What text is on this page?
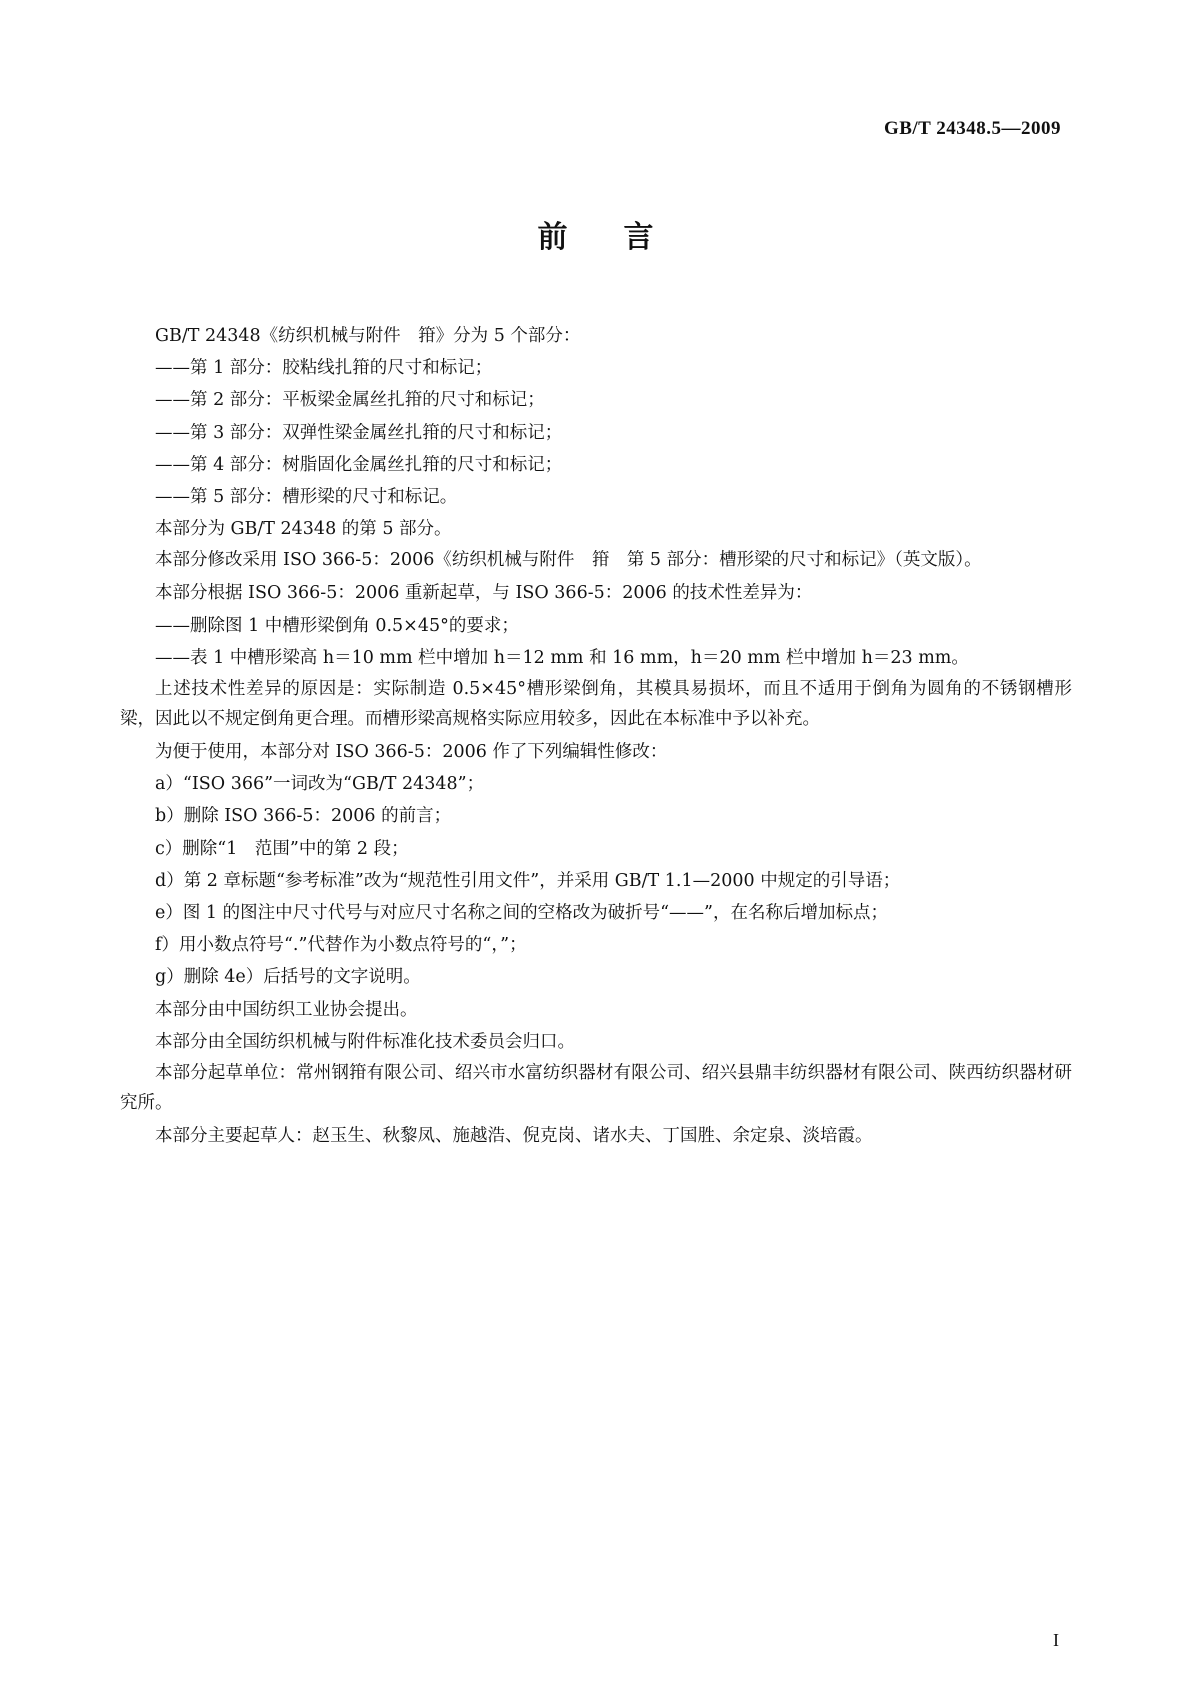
GB/T 24348.5—2009
前言

GB/T 24348《纺织机械与附件　箝》分为 5 个部分：

——第 1 部分：胶粘线扎箝的尺寸和标记；

——第 2 部分：平板梁金属丝扎箝的尺寸和标记；

——第 3 部分：双弹性梁金属丝扎箝的尺寸和标记；

——第 4 部分：树脂固化金属丝扎箝的尺寸和标记；

——第 5 部分：槽形梁的尺寸和标记。

本部分为 GB/T 24348 的第 5 部分。

本部分修改采用 ISO 366-5：2006《纺织机械与附件　箝　第 5 部分：槽形梁的尺寸和标记》（英文版）。

本部分根据 ISO 366-5：2006 重新起草，与 ISO 366-5：2006 的技术性差异为：

——删除图 1 中槽形梁倒角 0.5×45°的要求；

——表 1 中槽形梁高 h＝10 mm 栏中增加 h＝12 mm 和 16 mm，h＝20 mm 栏中增加 h＝23 mm。

上述技术性差异的原因是：实际制造 0.5×45°槽形梁倒角，其模具易损坏，而且不适用于倒角为圆角的不锈钢槽形梁，因此以不规定倒角更合理。而槽形梁高规格实际应用较多，因此在本标准中予以补充。

为便于使用，本部分对 ISO 366-5：2006 作了下列编辑性修改：

a）“ISO 366”一词改为“GB/T 24348”；

b）删除 ISO 366-5：2006 的前言；

c）删除“1　范围”中的第 2 段；

d）第 2 章标题“参考标准”改为“规范性引用文件”，并采用 GB/T 1.1—2000 中规定的引导语；

e）图 1 的图注中尺寸代号与对应尺寸名称之间的空格改为破折号“——”，在名称后增加标点；

f）用小数点符号“.”代替作为小数点符号的“，”；

g）删除 4e）后括号的文字说明。

本部分由中国纺织工业协会提出。

本部分由全国纺织机械与附件标准化技术委员会归口。

本部分起草单位：常州钢箝有限公司、绍兴市水富纺织器材有限公司、绍兴县鼎丰纺织器材有限公司、陕西纺织器材研究所。

本部分主要起草人：赵玉生、秋黎凤、施越浩、倪克岗、诸水夫、丁国胜、余定泉、淡培霞。

I
